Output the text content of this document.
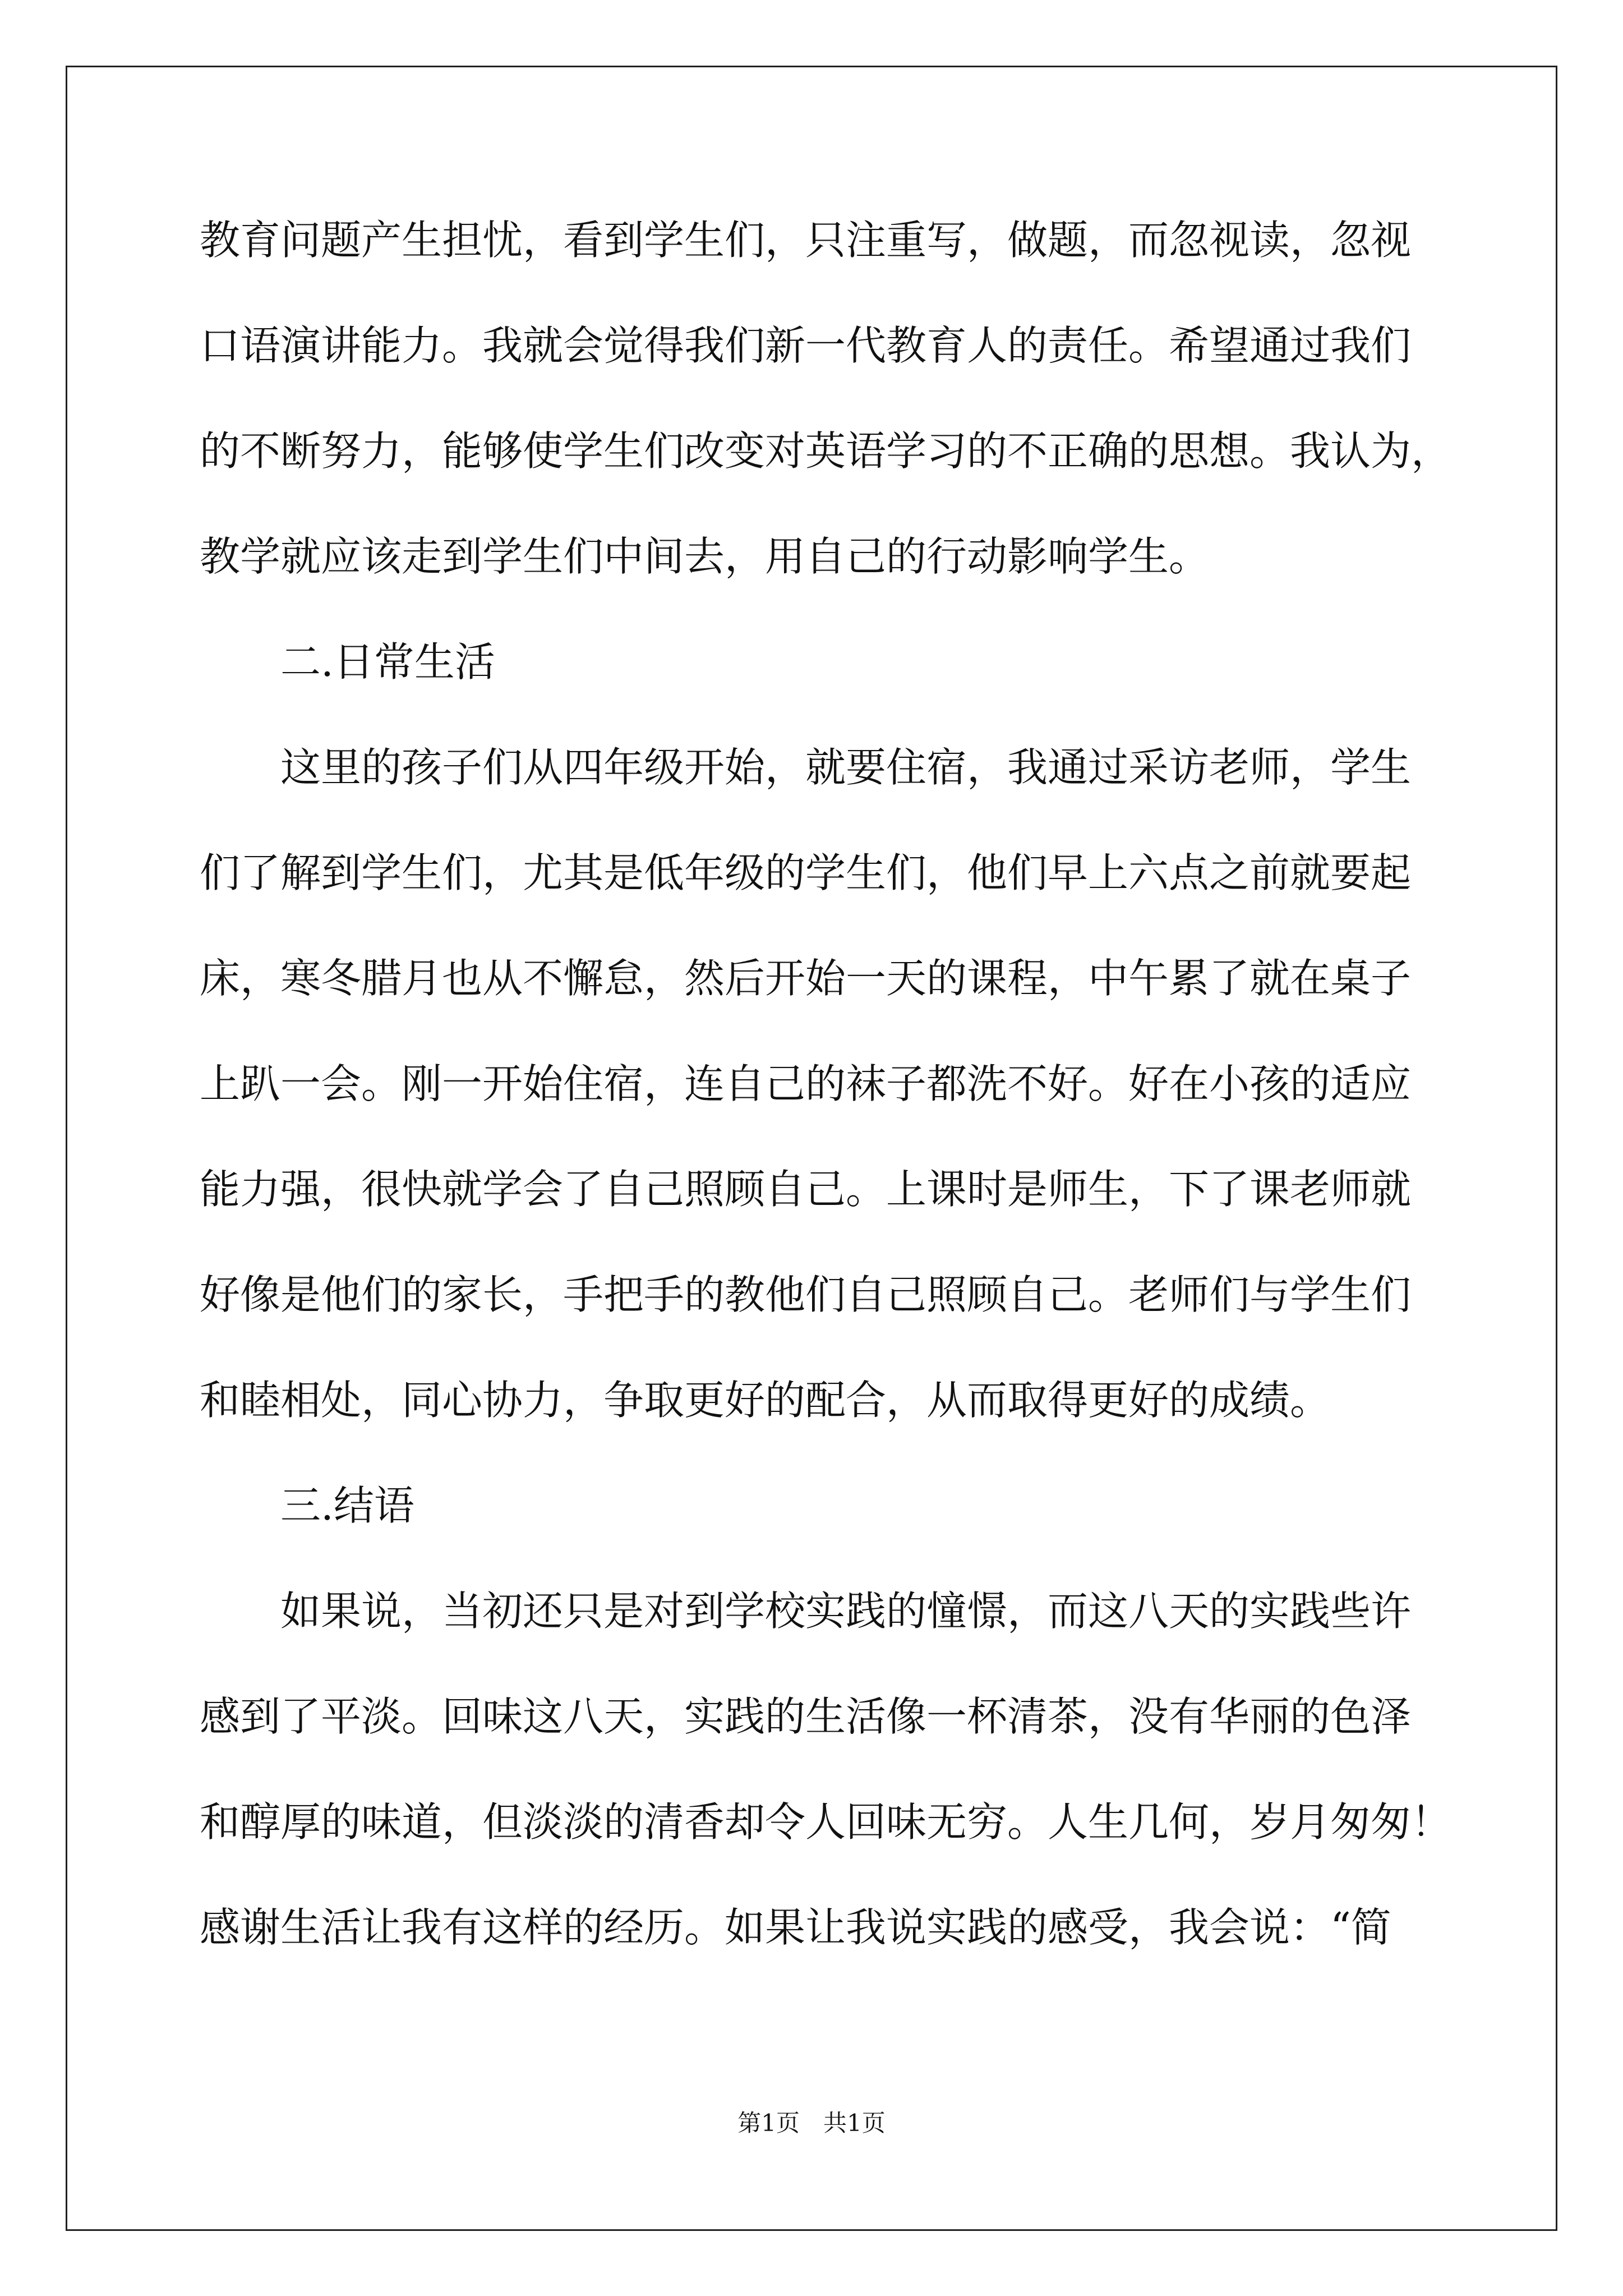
教育问题产生担忧，看到学生们，只注重写，做题，而忽视读，忽视
口语演讲能力。我就会觉得我们新一代教育人的责任。希望通过我们
的不断努力，能够使学生们改变对英语学习的不正确的思想。我认为，
教学就应该走到学生们中间去，用自己的行动影响学生。
二.日常生活
这里的孩子们从四年级开始，就要住宿，我通过采访老师，学生
们了解到学生们，尤其是低年级的学生们，他们早上六点之前就要起
床，寒冬腊月也从不懈怠，然后开始一天的课程，中午累了就在桌子
上趴一会。刚一开始住宿，连自己的袜子都洗不好。好在小孩的适应
能力强，很快就学会了自己照顾自己。上课时是师生，下了课老师就
好像是他们的家长，手把手的教他们自己照顾自己。老师们与学生们
和睦相处，同心协力，争取更好的配合，从而取得更好的成绩。
三.结语
如果说，当初还只是对到学校实践的憧憬，而这八天的实践些许
感到了平淡。回味这八天，实践的生活像一杯清茶，没有华丽的色泽
和醇厚的味道，但淡淡的清香却令人回味无穷。人生几何，岁月匆匆！
感谢生活让我有这样的经历。如果让我说实践的感受，我会说：“简
第1页 共1页
